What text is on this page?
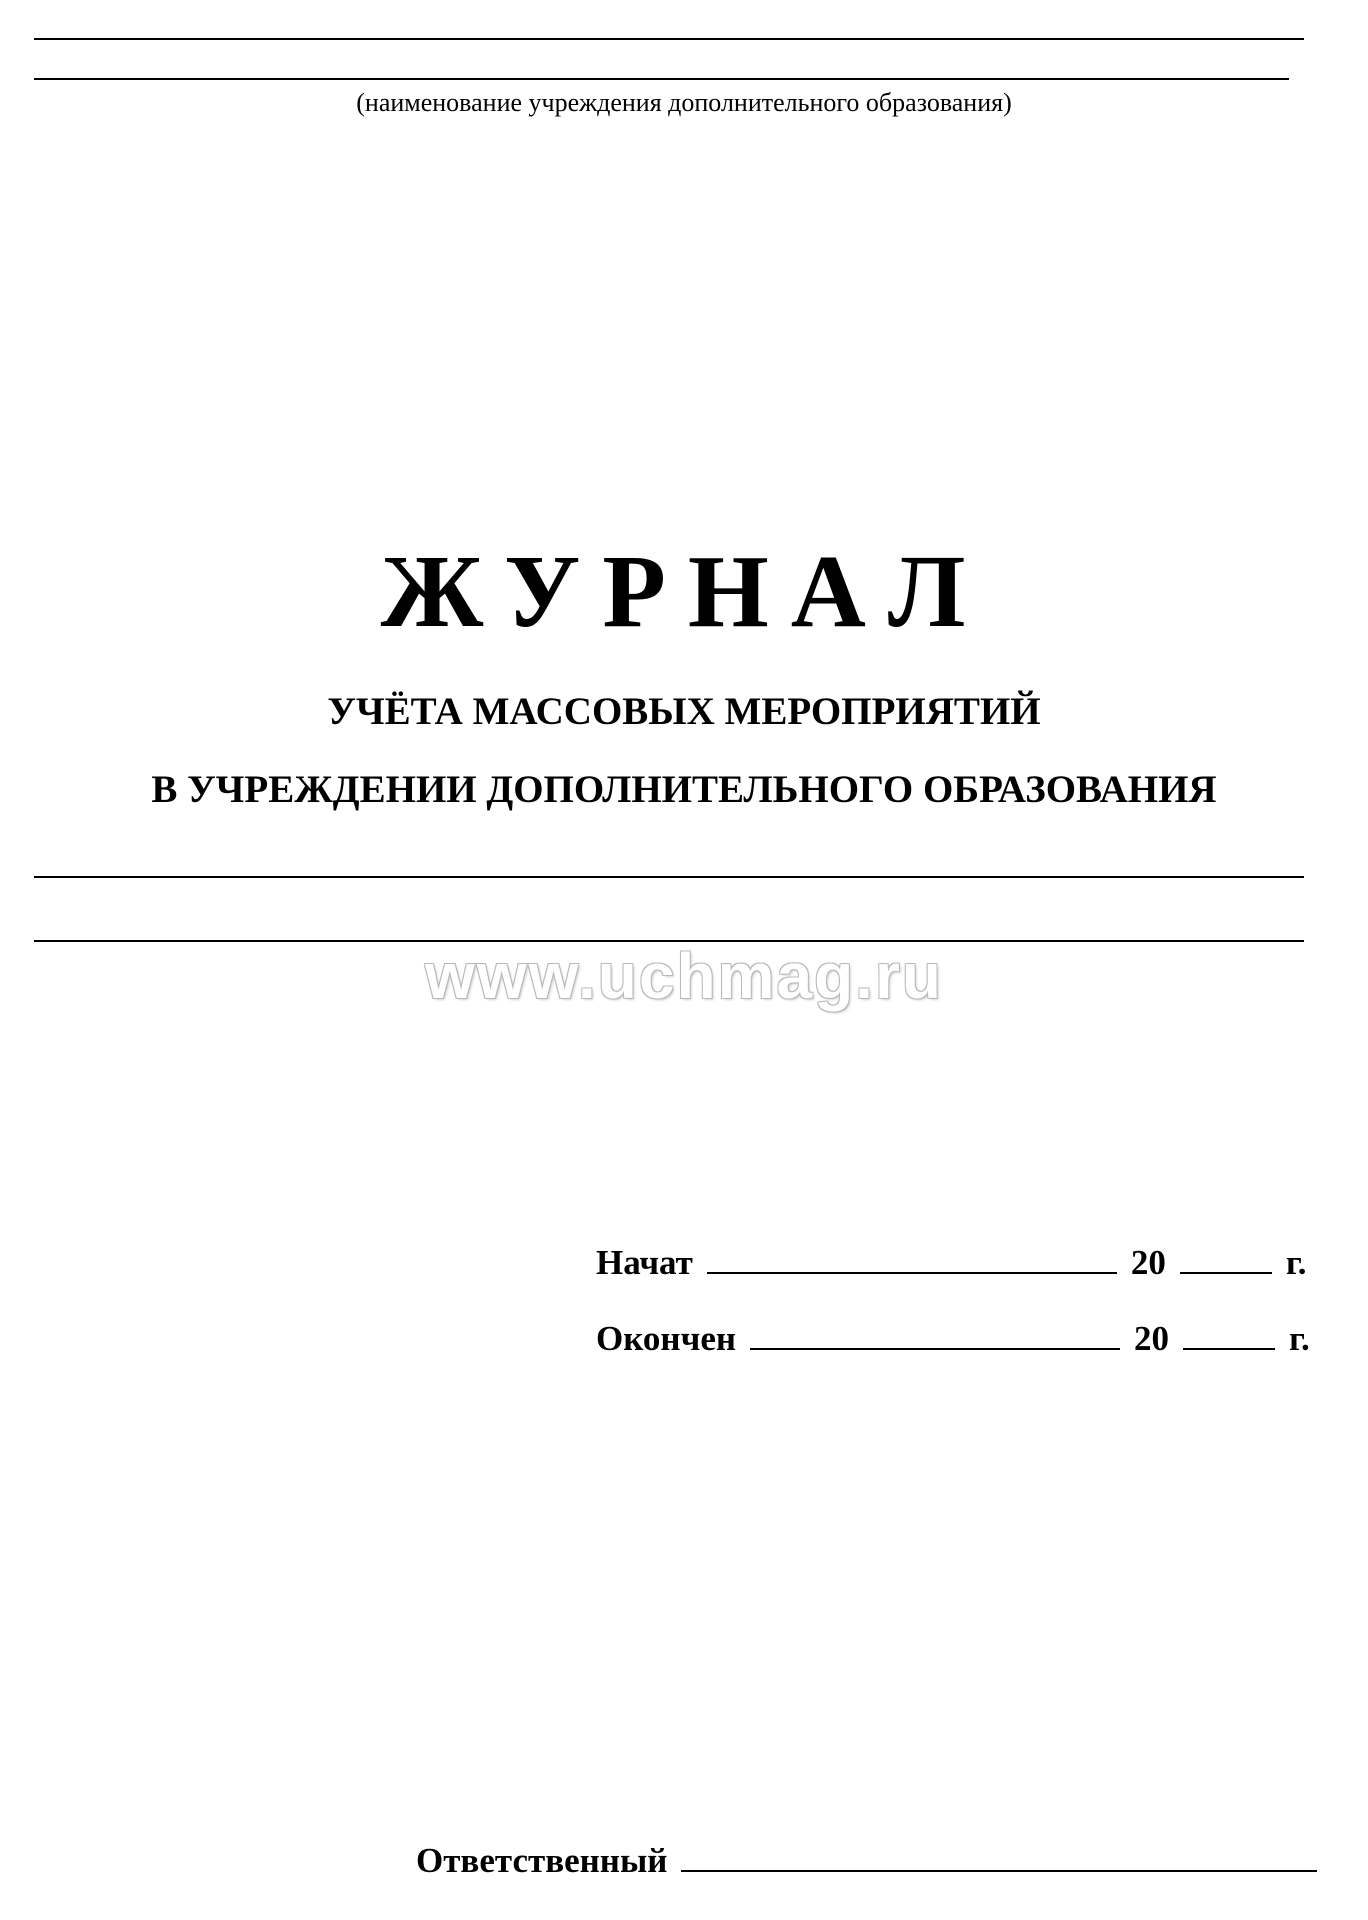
(наименование учреждения дополнительного образования)
ЖУРНАЛ
УЧЁТА МАССОВЫХ МЕРОПРИЯТИЙ
В УЧРЕЖДЕНИИ ДОПОЛНИТЕЛЬНОГО ОБРАЗОВАНИЯ
www.uchmag.ru
Начат	20	г.
Окончен	20	г.
Ответственный
